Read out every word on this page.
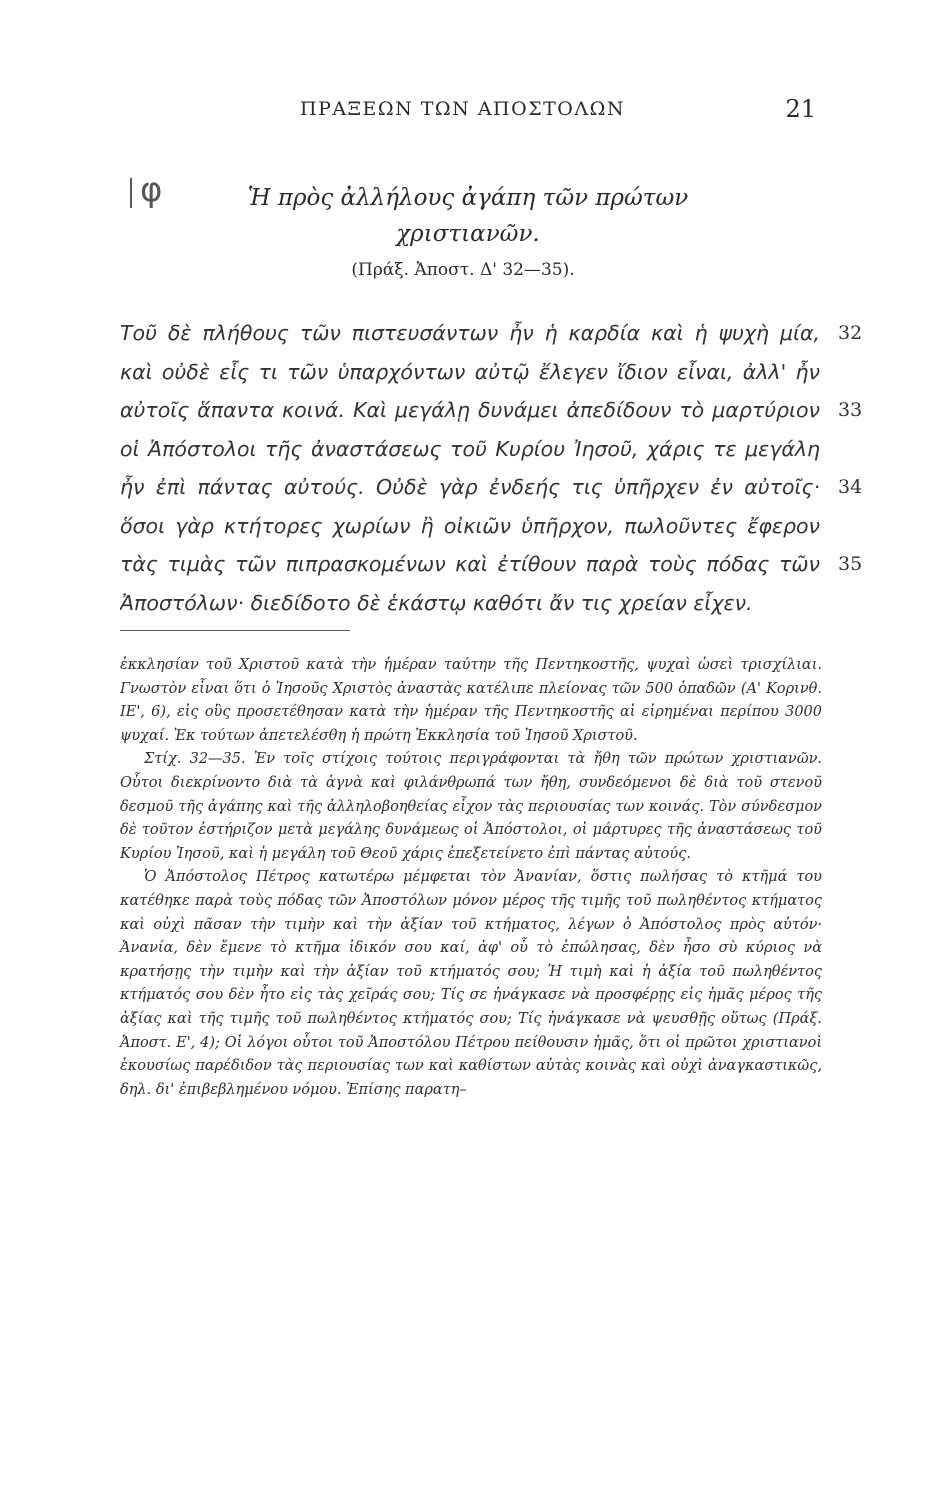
ΠΡΑΞΕΩΝ ΤΩΝ ΑΠΟΣΤΟΛΩΝ	21
φ	Ἡ πρὸς ἀλλήλους ἀγάπη τῶν πρώτων
χριστιανῶν.
(Πράξ. Ἀποστ. Δ' 32—35).
Τοῦ δὲ πλήθους τῶν πιστευσάντων ἦν ἡ καρδία καὶ ἡ ψυχὴ μία,
καὶ οὐδὲ εἷς τι τῶν ὑπαρχόντων αὐτῷ ἔλεγεν ἴδιον εἶναι, ἀλλ' ἦν
αὐτοῖς ἅπαντα κοινά. Καὶ μεγάλῃ δυνάμει ἀπεδίδουν τὸ μαρτύριον
οἱ Ἀπόστολοι τῆς ἀναστάσεως τοῦ Κυρίου Ἰησοῦ, χάρις τε μεγάλη
ἦν ἐπὶ πάντας αὐτούς. Οὐδὲ γὰρ ἐνδεής τις ὑπῆρχεν ἐν αὐτοῖς·
ὅσοι γὰρ κτήτορες χωρίων ἢ οἰκιῶν ὑπῆρχον, πωλοῦντες ἔφερον
τὰς τιμὰς τῶν πιπρασκομένων καὶ ἐτίθουν παρὰ τοὺς πόδας τῶν
Ἀποστόλων· διεδίδοτο δὲ ἑκάστῳ καθότι ἄν τις χρείαν εἶχεν.
32
33
34
35

ἐκκλησίαν τοῦ Χριστοῦ κατὰ τὴν ἡμέραν ταύτην τῆς Πεντηκοστῆς, ψυχαὶ ὡσεὶ τρισχίλιαι. Γνωστὸν εἶναι ὅτι ὁ Ἰησοῦς Χριστὸς ἀναστὰς κατέλιπε πλείονας τῶν 500 ὀπαδῶν (Α' Κορινθ. ΙΕ', 6), εἰς οὓς προσετέθησαν κατὰ τὴν ἡμέραν τῆς Πεντηκοστῆς αἱ εἰρημέναι περίπου 3000 ψυχαί. Ἐκ τούτων ἀπετελέσθη ἡ πρώτη Ἐκκλησία τοῦ Ἰησοῦ Χριστοῦ.

Στίχ. 32—35. Ἐν τοῖς στίχοις τούτοις περιγράφονται τὰ ἤθη τῶν πρώτων χριστιανῶν. Οὗτοι διεκρίνοντο διὰ τὰ ἁγνὰ καὶ φιλάνθρωπά των ἤθη, συνδεόμενοι δὲ διὰ τοῦ στενοῦ δεσμοῦ τῆς ἀγάπης καὶ τῆς ἀλληλοβοηθείας εἶχον τὰς περιουσίας των κοινάς. Τὸν σύνδεσμον δὲ τοῦτον ἐστήριζον μετὰ μεγάλης δυνάμεως οἱ Ἀπόστολοι, οἱ μάρτυρες τῆς ἀναστάσεως τοῦ Κυρίου Ἰησοῦ, καὶ ἡ μεγάλη τοῦ Θεοῦ χάρις ἐπεξετείνετο ἐπὶ πάντας αὐτούς.

Ὁ Ἀπόστολος Πέτρος κατωτέρω μέμφεται τὸν Ἀνανίαν, ὅστις πωλήσας τὸ κτῆμά του κατέθηκε παρὰ τοὺς πόδας τῶν Ἀποστόλων μόνον μέρος τῆς τιμῆς τοῦ πωληθέντος κτήματος καὶ οὐχὶ πᾶσαν τὴν τιμὴν καὶ τὴν ἀξίαν τοῦ κτήματος, λέγων ὁ Ἀπόστολος πρὸς αὐτόν· Ἀνανία, δὲν ἔμενε τὸ κτῆμα ἰδικόν σου καί, ἀφ' οὗ τὸ ἐπώλησας, δὲν ἦσο σὺ κύριος νὰ κρατήσῃς τὴν τιμὴν καὶ τὴν ἀξίαν τοῦ κτήματός σου; Ἡ τιμὴ καὶ ἡ ἀξία τοῦ πωληθέντος κτήματός σου δὲν ἦτο εἰς τὰς χεῖράς σου; Τίς σε ἠνάγκασε νὰ προσφέρῃς εἰς ἡμᾶς μέρος τῆς ἀξίας καὶ τῆς τιμῆς τοῦ πωληθέντος κτήματός σου; Τίς ἠνάγκασε νὰ ψευσθῇς οὕτως (Πράξ. Ἀποστ. Ε', 4); Οἱ λόγοι οὗτοι τοῦ Ἀποστόλου Πέτρου πείθουσιν ἡμᾶς, ὅτι οἱ πρῶτοι χριστιανοὶ ἑκουσίως παρέδιδον τὰς περιουσίας των καὶ καθίστων αὐτὰς κοινὰς καὶ οὐχὶ ἀναγκαστικῶς, δηλ. δι' ἐπιβεβλημένου νόμου. Ἐπίσης παρατη–
